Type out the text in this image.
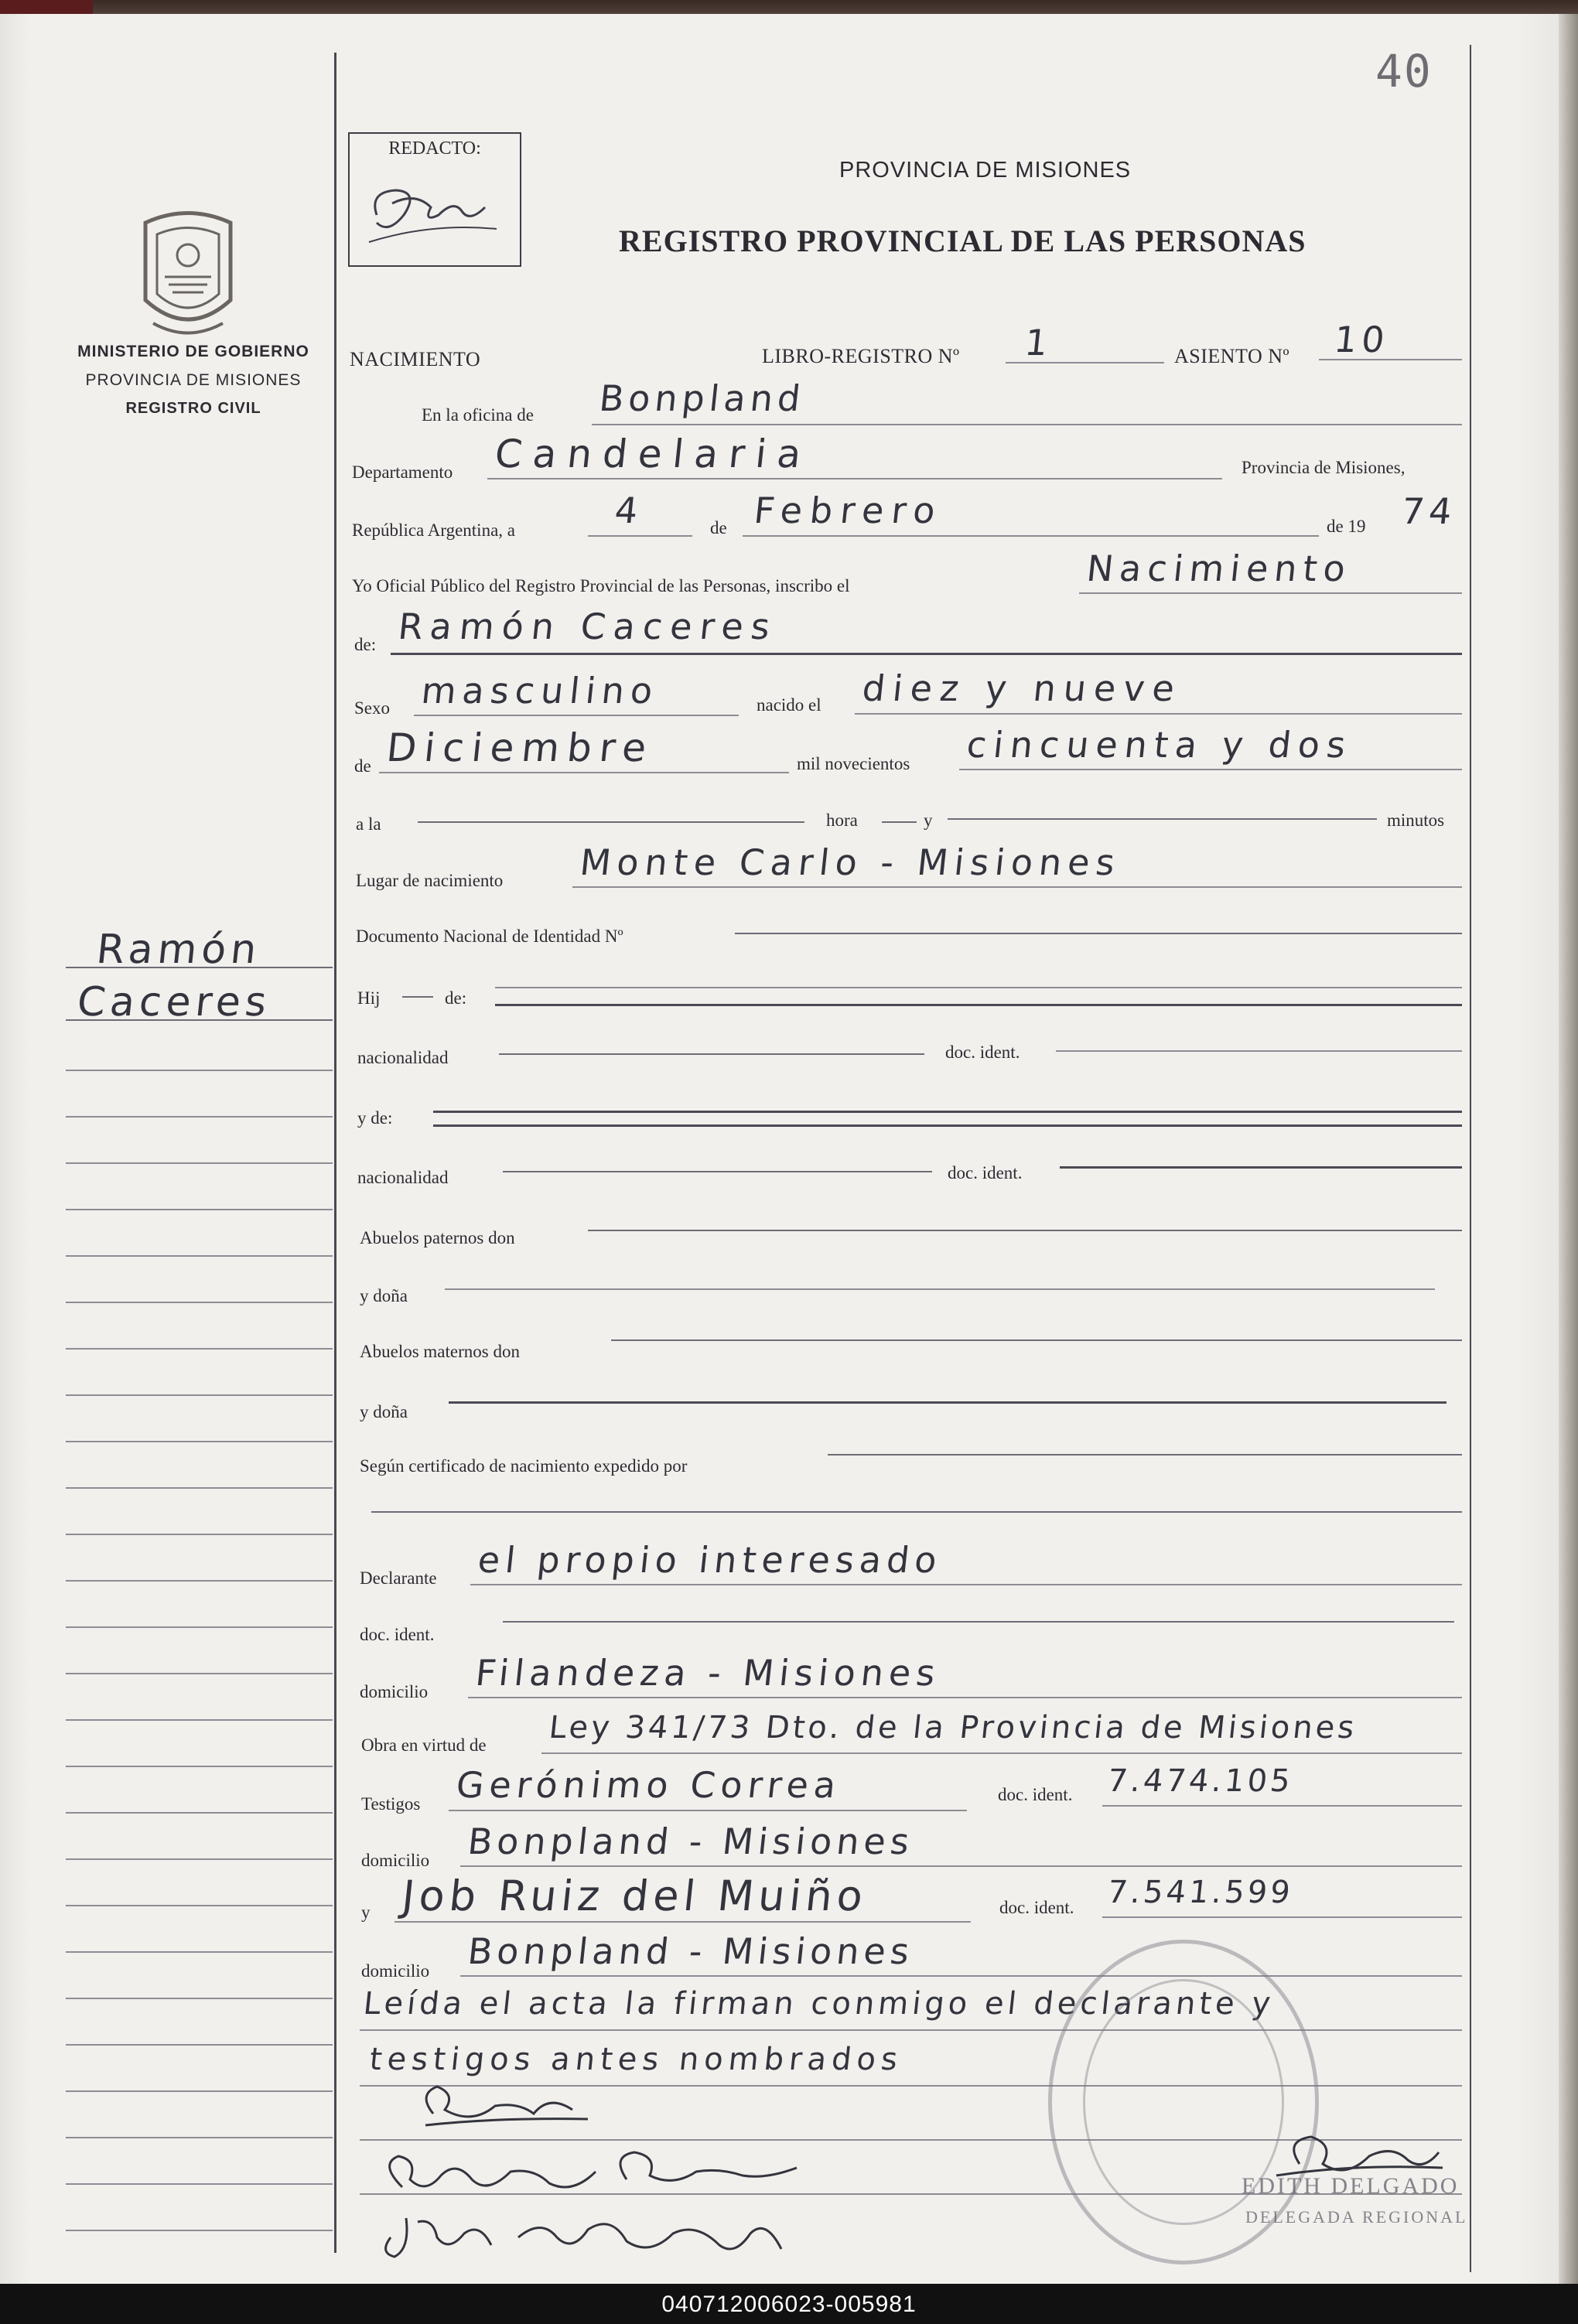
40
MINISTERIO DE GOBIERNO
PROVINCIA DE MISIONES
REGISTRO CIVIL
Ramón
Caceres
REDACTO:
PROVINCIA DE MISIONES
REGISTRO PROVINCIAL DE LAS PERSONAS
NACIMIENTO	LIBRO-REGISTRO Nº 1	ASIENTO Nº 10
En la oficina de Bonpland
Departamento Candelaria	Provincia de Misiones,
República Argentina, a	4	de Febrero	de 19 74
Yo Oficial Público del Registro Provincial de las Personas, inscribo el	Nacimiento
de: Ramón Caceres
Sexo masculino	nacido el diez y nueve
de Diciembre	mil novecientos cincuenta y dos
a la	hora	y	minutos
Lugar de nacimiento Monte Carlo - Misiones
Documento Nacional de Identidad Nº
Hij	de:
nacionalidad	doc. ident.
y de:
nacionalidad	doc. ident.
Abuelos paternos don
y doña
Abuelos maternos don
y doña
Según certificado de nacimiento expedido por
Declarante el propio interesado
doc. ident.
domicilio Filandeza - Misiones
Obra en virtud de Ley 341/73 Dto. de la Provincia de Misiones
Testigos Gerónimo Correa	doc. ident. 7.474.105
domicilio Bonpland - Misiones
y Job Ruiz del Muiño	doc. ident. 7.541.599
domicilio Bonpland - Misiones
Leída el acta la firman conmigo el declarante y
testigos antes nombrados
EDITH DELGADO
DELEGADA REGIONAL
040712006023-005981
